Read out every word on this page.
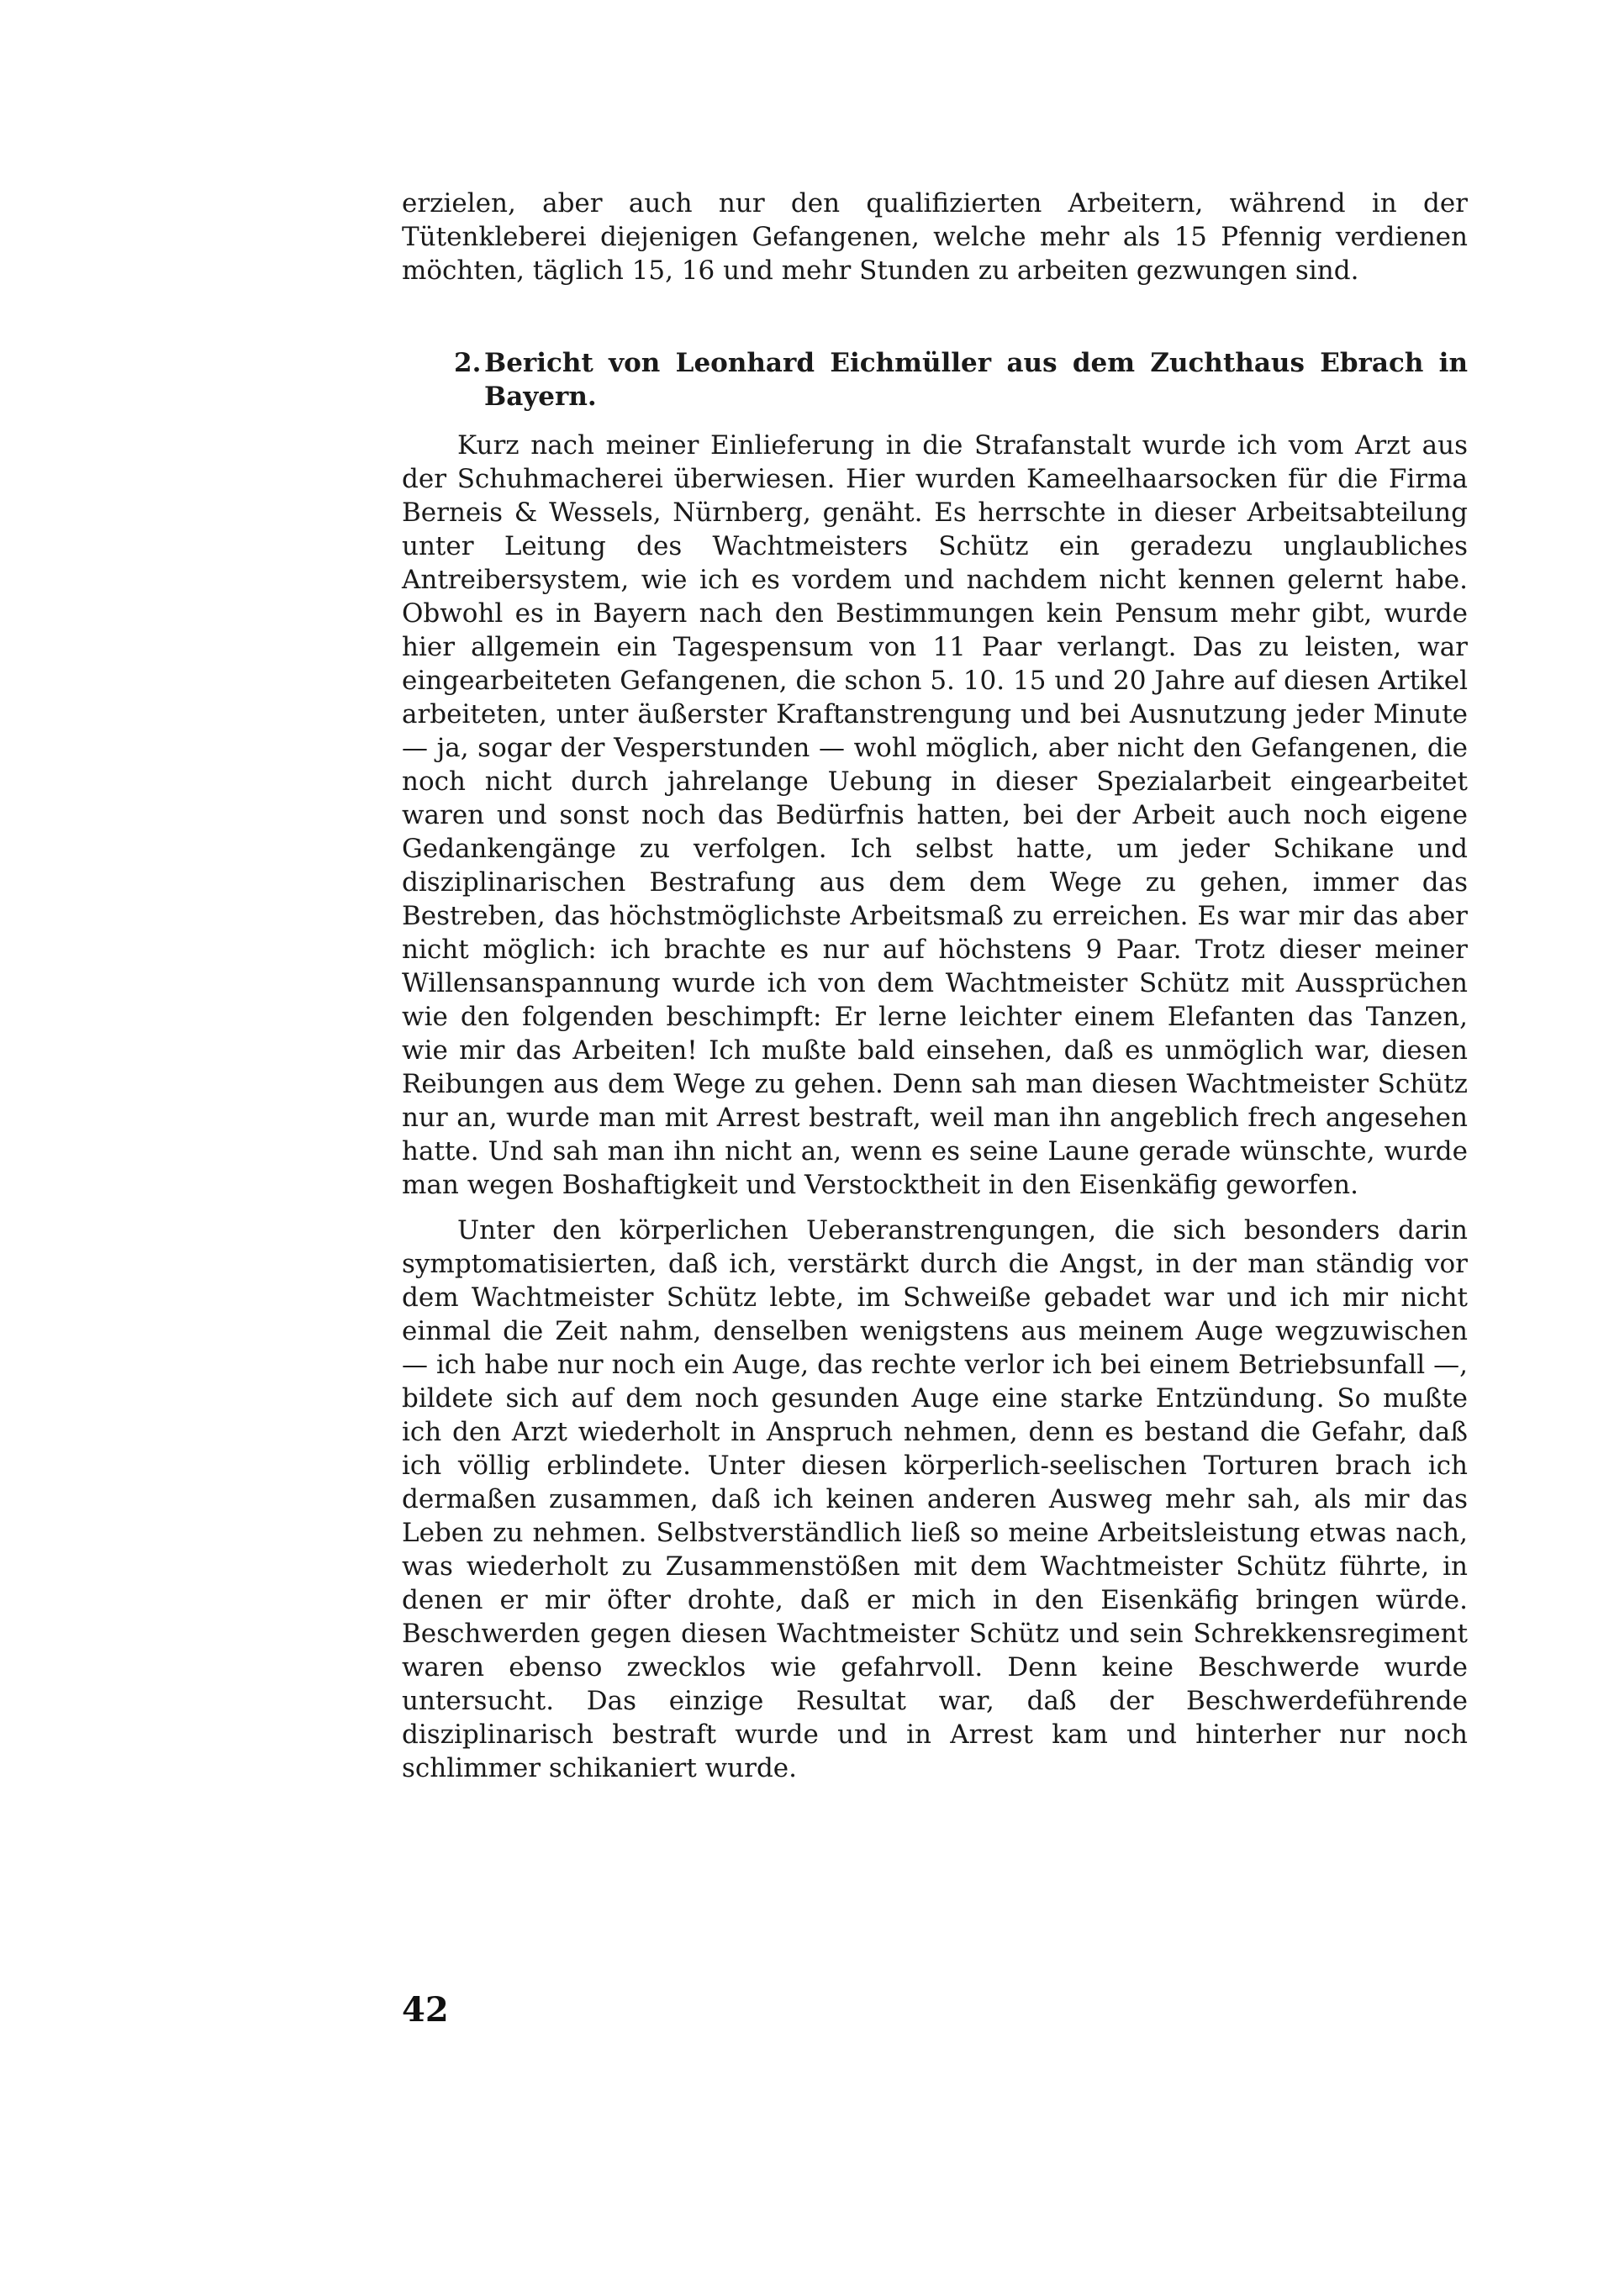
erzielen, aber auch nur den qualifizierten Arbeitern, während in der Tütenkleberei diejenigen Gefangenen, welche mehr als 15 Pfennig verdienen möchten, täglich 15, 16 und mehr Stunden zu arbeiten gezwungen sind.

2. Bericht von Leonhard Eichmüller aus dem Zuchthaus Ebrach in Bayern.

Kurz nach meiner Einlieferung in die Strafanstalt wurde ich vom Arzt aus der Schuhmacherei überwiesen. Hier wurden Kameelhaarsocken für die Firma Berneis & Wessels, Nürnberg, genäht. Es herrschte in dieser Arbeitsabteilung unter Leitung des Wachtmeisters Schütz ein geradezu unglaubliches Antreibersystem, wie ich es vordem und nachdem nicht kennen gelernt habe. Obwohl es in Bayern nach den Bestimmungen kein Pensum mehr gibt, wurde hier allgemein ein Tagespensum von 11 Paar verlangt. Das zu leisten, war eingearbeiteten Gefangenen, die schon 5. 10. 15 und 20 Jahre auf diesen Artikel arbeiteten, unter äußerster Kraftanstrengung und bei Ausnutzung jeder Minute — ja, sogar der Vesperstunden — wohl möglich, aber nicht den Gefangenen, die noch nicht durch jahrelange Uebung in dieser Spezialarbeit eingearbeitet waren und sonst noch das Bedürfnis hatten, bei der Arbeit auch noch eigene Gedankengänge zu verfolgen. Ich selbst hatte, um jeder Schikane und disziplinarischen Bestrafung aus dem dem Wege zu gehen, immer das Bestreben, das höchstmöglichste Arbeitsmaß zu erreichen. Es war mir das aber nicht möglich: ich brachte es nur auf höchstens 9 Paar. Trotz dieser meiner Willensanspannung wurde ich von dem Wachtmeister Schütz mit Aussprüchen wie den folgenden beschimpft: Er lerne leichter einem Elefanten das Tanzen, wie mir das Arbeiten! Ich mußte bald einsehen, daß es unmöglich war, diesen Reibungen aus dem Wege zu gehen. Denn sah man diesen Wachtmeister Schütz nur an, wurde man mit Arrest bestraft, weil man ihn angeblich frech angesehen hatte. Und sah man ihn nicht an, wenn es seine Laune gerade wünschte, wurde man wegen Boshaftigkeit und Verstocktheit in den Eisenkäfig geworfen.

Unter den körperlichen Ueberanstrengungen, die sich besonders darin symptomatisierten, daß ich, verstärkt durch die Angst, in der man ständig vor dem Wachtmeister Schütz lebte, im Schweiße gebadet war und ich mir nicht einmal die Zeit nahm, denselben wenigstens aus meinem Auge wegzuwischen — ich habe nur noch ein Auge, das rechte verlor ich bei einem Betriebsunfall —, bildete sich auf dem noch gesunden Auge eine starke Entzündung. So mußte ich den Arzt wiederholt in Anspruch nehmen, denn es bestand die Gefahr, daß ich völlig erblindete. Unter diesen körperlich-seelischen Torturen brach ich dermaßen zusammen, daß ich keinen anderen Ausweg mehr sah, als mir das Leben zu nehmen. Selbstverständlich ließ so meine Arbeitsleistung etwas nach, was wiederholt zu Zusammenstößen mit dem Wachtmeister Schütz führte, in denen er mir öfter drohte, daß er mich in den Eisenkäfig bringen würde. Beschwerden gegen diesen Wachtmeister Schütz und sein Schrekkensregiment waren ebenso zwecklos wie gefahrvoll. Denn keine Beschwerde wurde untersucht. Das einzige Resultat war, daß der Beschwerdeführende disziplinarisch bestraft wurde und in Arrest kam und hinterher nur noch schlimmer schikaniert wurde.

42
